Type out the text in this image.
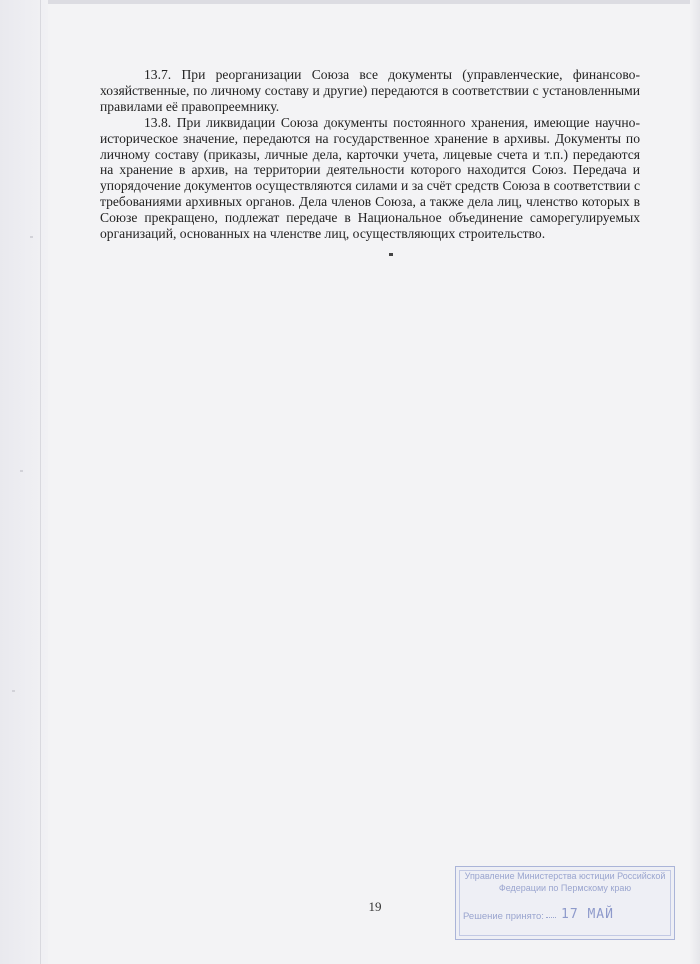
13.7. При реорганизации Союза все документы (управленческие, финансово-хозяйственные, по личному составу и другие) передаются в соответствии с установленными правилами её правопреемнику.

13.8. При ликвидации Союза документы постоянного хранения, имеющие научно-историческое значение, передаются на государственное хранение в архивы. Документы по личному составу (приказы, личные дела, карточки учета, лицевые счета и т.п.) передаются на хранение в архив, на территории деятельности которого находится Союз. Передача и упорядочение документов осуществляются силами и за счёт средств Союза в соответствии с требованиями архивных органов. Дела членов Союза, а также дела лиц, членство которых в Союзе прекращено, подлежат передаче в Национальное объединение саморегулируемых организаций, основанных на членстве лиц, осуществляющих строительство.

19
Управление Министерства юстиции Российской
Федерации по Пермскому краю
Решение принято: 17 МАЙ
